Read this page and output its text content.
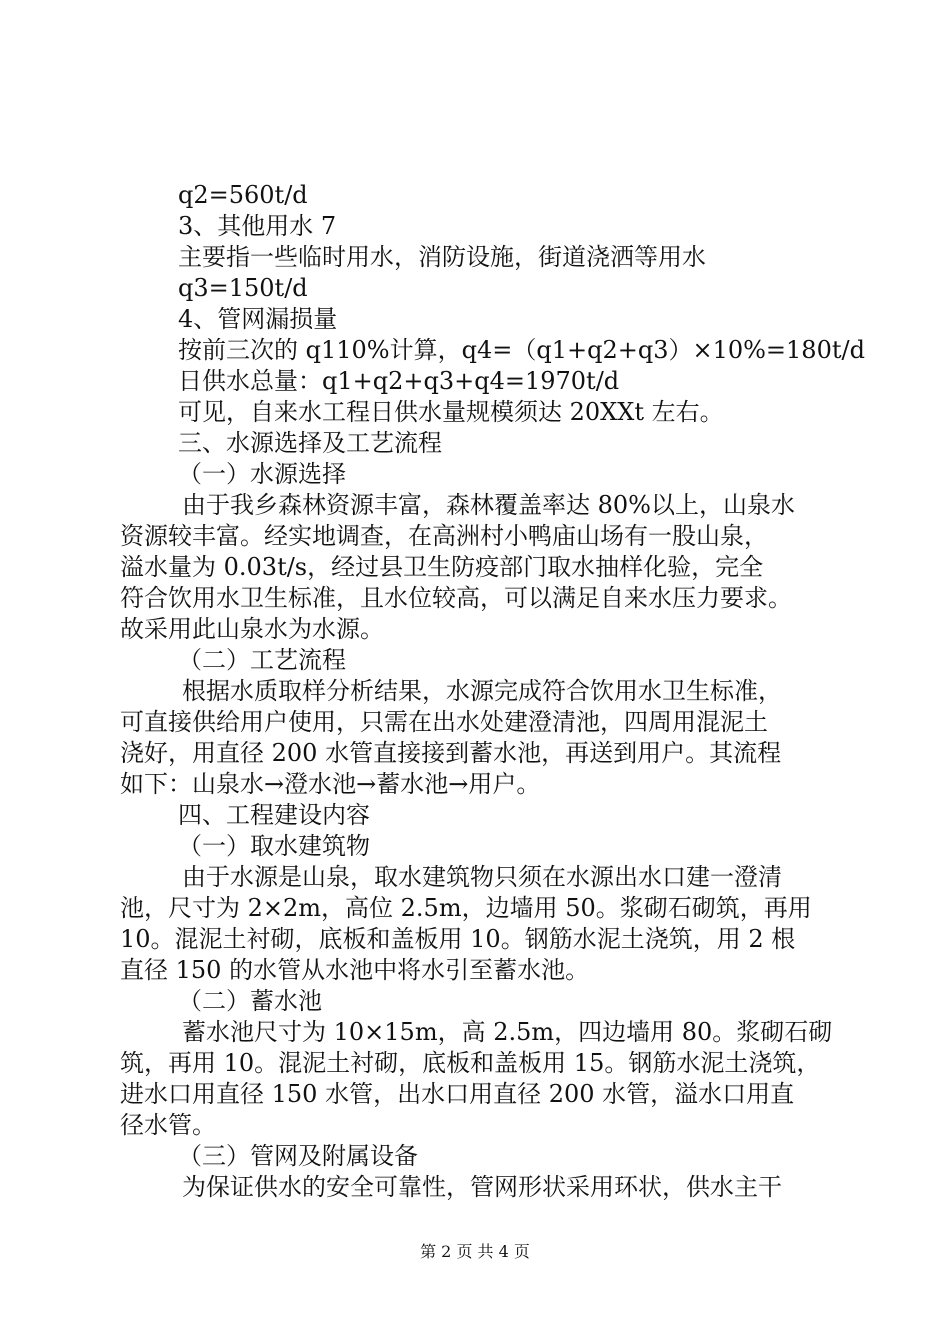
q2=560t/d
3、其他用水 7
主要指一些临时用水，消防设施，街道浇洒等用水
q3=150t/d
4、管网漏损量
按前三次的 q110%计算，q4=（q1+q2+q3）×10%=180t/d
日供水总量：q1+q2+q3+q4=1970t/d
可见，自来水工程日供水量规模须达 20XXt 左右。
三、水源选择及工艺流程
（一）水源选择
由于我乡森林资源丰富，森林覆盖率达 80%以上，山泉水
资源较丰富。经实地调查，在高洲村小鸭庙山场有一股山泉，
溢水量为 0.03t/s，经过县卫生防疫部门取水抽样化验，完全
符合饮用水卫生标准，且水位较高，可以满足自来水压力要求。
故采用此山泉水为水源。
（二）工艺流程
根据水质取样分析结果，水源完成符合饮用水卫生标准，
可直接供给用户使用，只需在出水处建澄清池，四周用混泥土
浇好，用直径 200 水管直接接到蓄水池，再送到用户。其流程
如下：山泉水→澄水池→蓄水池→用户。
四、工程建设内容
（一）取水建筑物
由于水源是山泉，取水建筑物只须在水源出水口建一澄清
池，尺寸为 2×2m，高位 2.5m，边墙用 50。浆砌石砌筑，再用
10。混泥土衬砌，底板和盖板用 10。钢筋水泥土浇筑，用 2 根
直径 150 的水管从水池中将水引至蓄水池。
（二）蓄水池
蓄水池尺寸为 10×15m，高 2.5m，四边墙用 80。浆砌石砌
筑，再用 10。混泥土衬砌，底板和盖板用 15。钢筋水泥土浇筑，
进水口用直径 150 水管，出水口用直径 200 水管，溢水口用直
径水管。
（三）管网及附属设备
为保证供水的安全可靠性，管网形状采用环状，供水主干
第 2 页 共 4 页
